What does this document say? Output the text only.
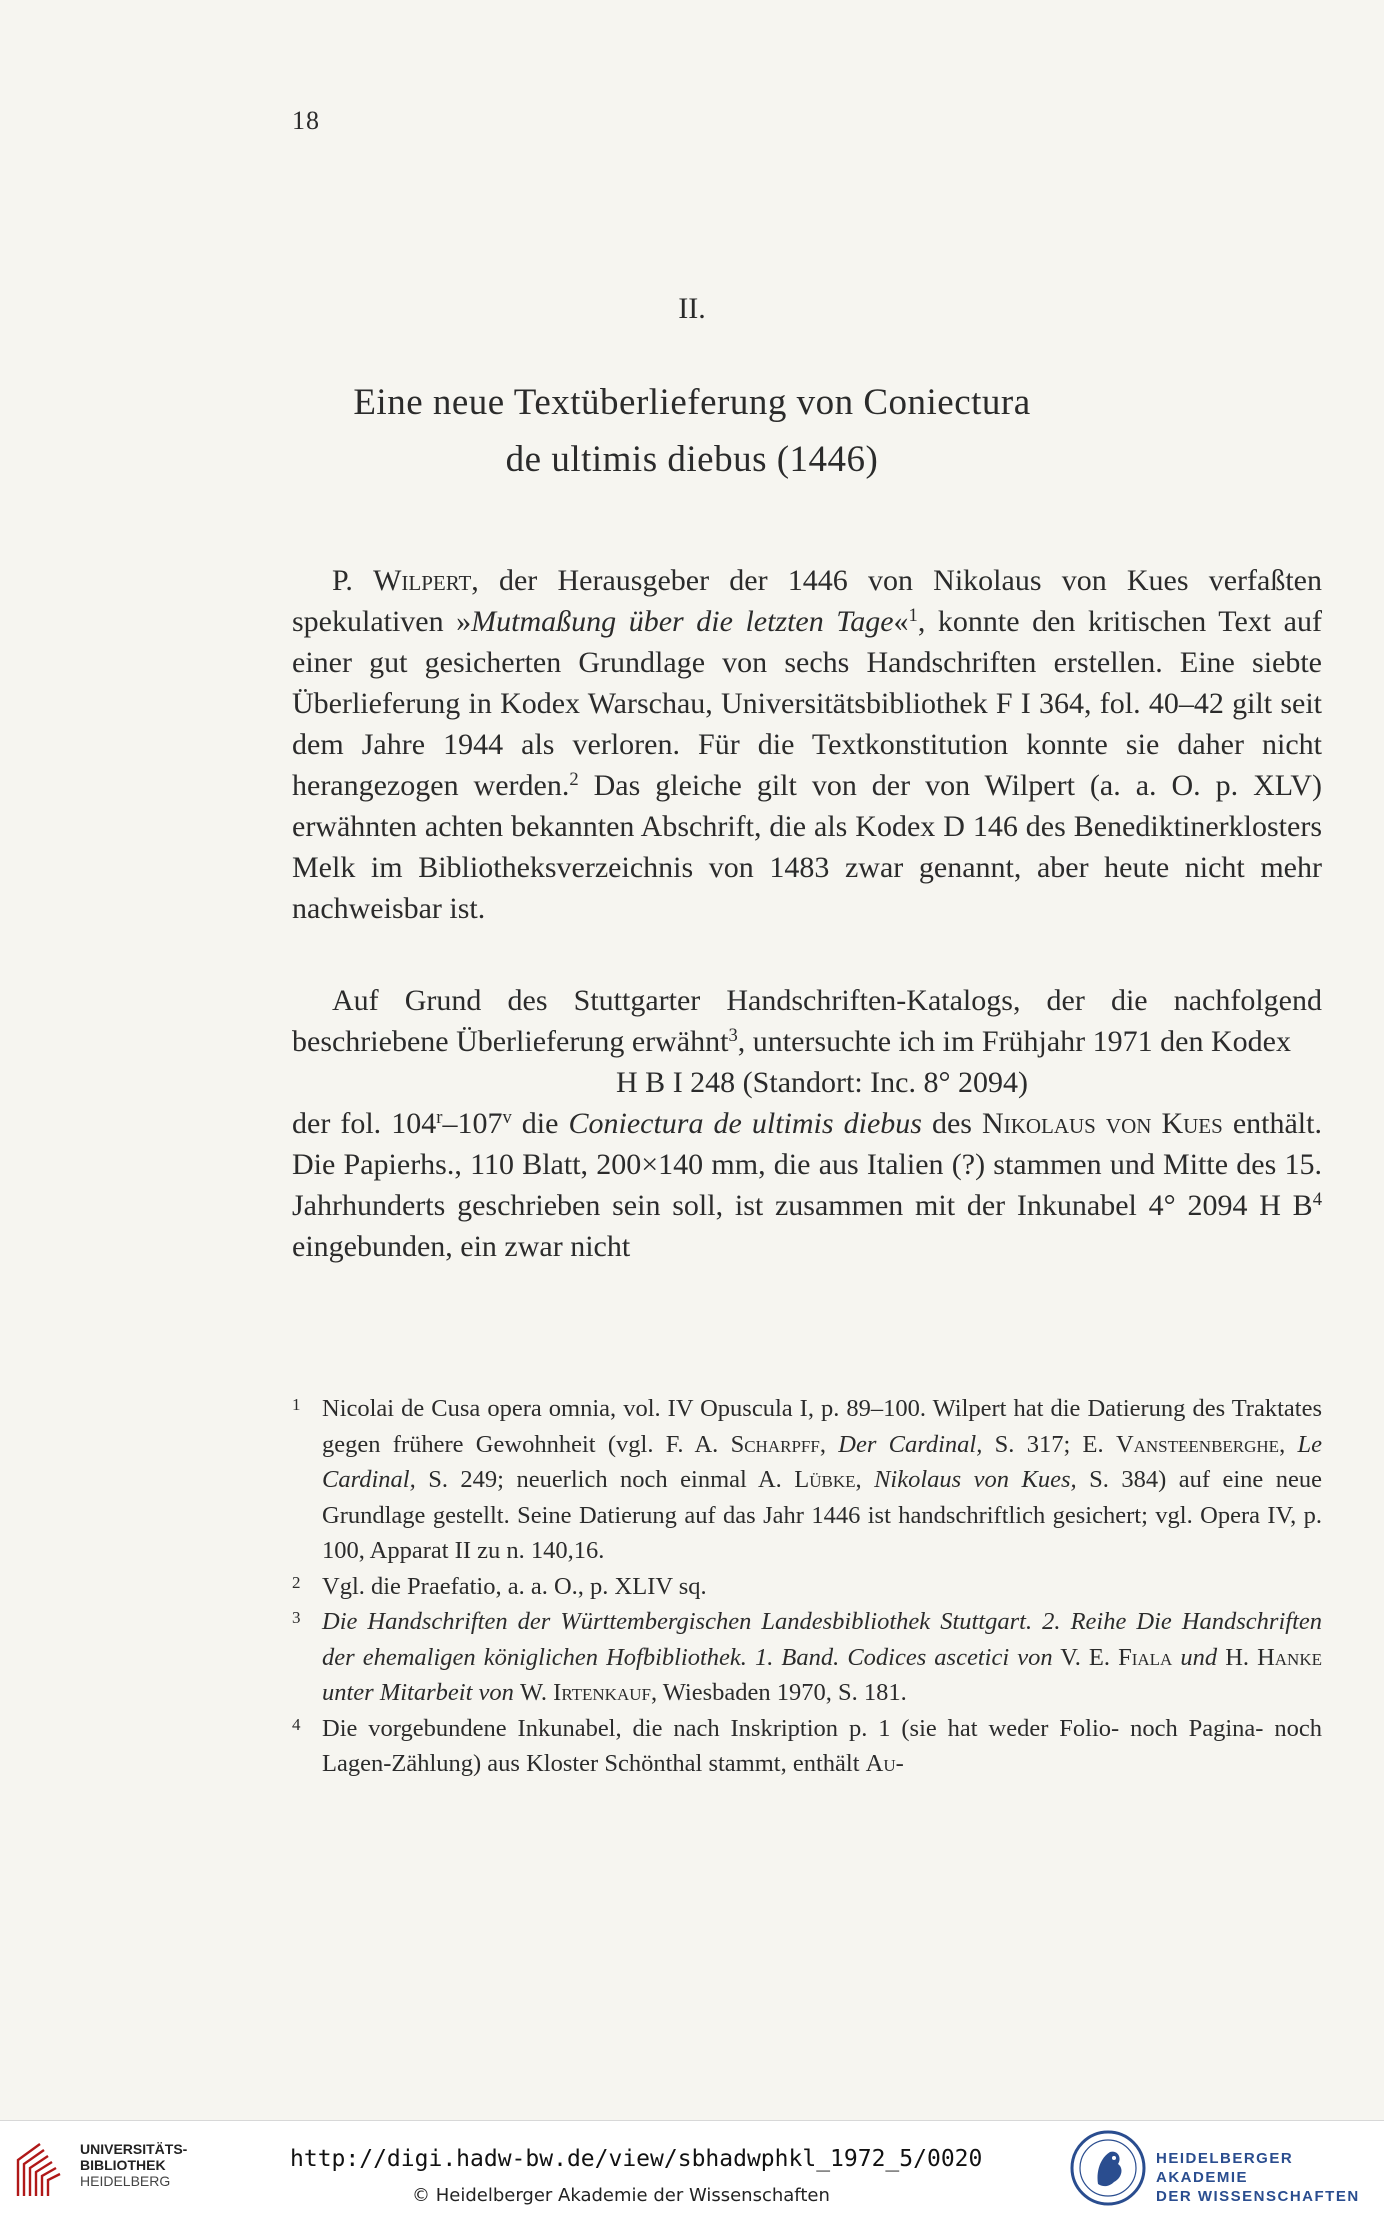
18
II.
Eine neue Textüberlieferung von Coniectura
de ultimis diebus (1446)
P. Wilpert, der Herausgeber der 1446 von Nikolaus von Kues verfaßten spekulativen »Mutmaßung über die letzten Tage«$^1$, konnte den kritischen Text auf einer gut gesicherten Grundlage von sechs Handschriften erstellen. Eine siebte Überlieferung in Kodex Warschau, Universitätsbibliothek F I 364, fol. 40–42 gilt seit dem Jahre 1944 als verloren. Für die Textkonstitution konnte sie daher nicht herangezogen werden.$^2$ Das gleiche gilt von der von Wilpert (a. a. O. p. XLV) erwähnten achten bekannten Abschrift, die als Kodex D 146 des Benediktinerklosters Melk im Bibliotheksverzeichnis von 1483 zwar genannt, aber heute nicht mehr nachweisbar ist.
Auf Grund des Stuttgarter Handschriften-Katalogs, der die nachfolgend beschriebene Überlieferung erwähnt$^3$, untersuchte ich im Frühjahr 1971 den Kodex
H B I 248 (Standort: Inc. 8° 2094)
der fol. 104$^r$–107$^v$ die Coniectura de ultimis diebus des Nikolaus von Kues enthält. Die Papierhs., 110 Blatt, 200×140 mm, die aus Italien (?) stammen und Mitte des 15. Jahrhunderts geschrieben sein soll, ist zusammen mit der Inkunabel 4° 2094 H $B^4$ eingebunden, ein zwar nicht
1 Nicolai de Cusa opera omnia, vol. IV Opuscula I, p. 89–100. Wilpert hat die Datierung des Traktates gegen frühere Gewohnheit (vgl. F. A. Scharpff, Der Cardinal, S. 317; E. Vansteenberghe, Le Cardinal, S. 249; neuerlich noch einmal A. Lübke, Nikolaus von Kues, S. 384) auf eine neue Grundlage gestellt. Seine Datierung auf das Jahr 1446 ist handschriftlich gesichert; vgl. Opera IV, p. 100, Apparat II zu n. 140,16.
2 Vgl. die Praefatio, a. a. O., p. XLIV sq.
3 Die Handschriften der Württembergischen Landesbibliothek Stuttgart. 2. Reihe Die Handschriften der ehemaligen königlichen Hofbibliothek. 1. Band. Codices ascetici von V. E. Fiala und H. Hanke unter Mitarbeit von W. Irtenkauf, Wiesbaden 1970, S. 181.
4 Die vorgebundene Inkunabel, die nach Inskription p. 1 (sie hat weder Folio- noch Pagina- noch Lagen-Zählung) aus Kloster Schönthal stammt, enthält Au-
UNIVERSITÄTS-
BIBLIOTHEK
HEIDELBERG
http://digi.hadw-bw.de/view/sbhadwphkl_1972_5/0020
© Heidelberger Akademie der Wissenschaften
HEIDELBERGER AKADEMIE
DER WISSENSCHAFTEN
